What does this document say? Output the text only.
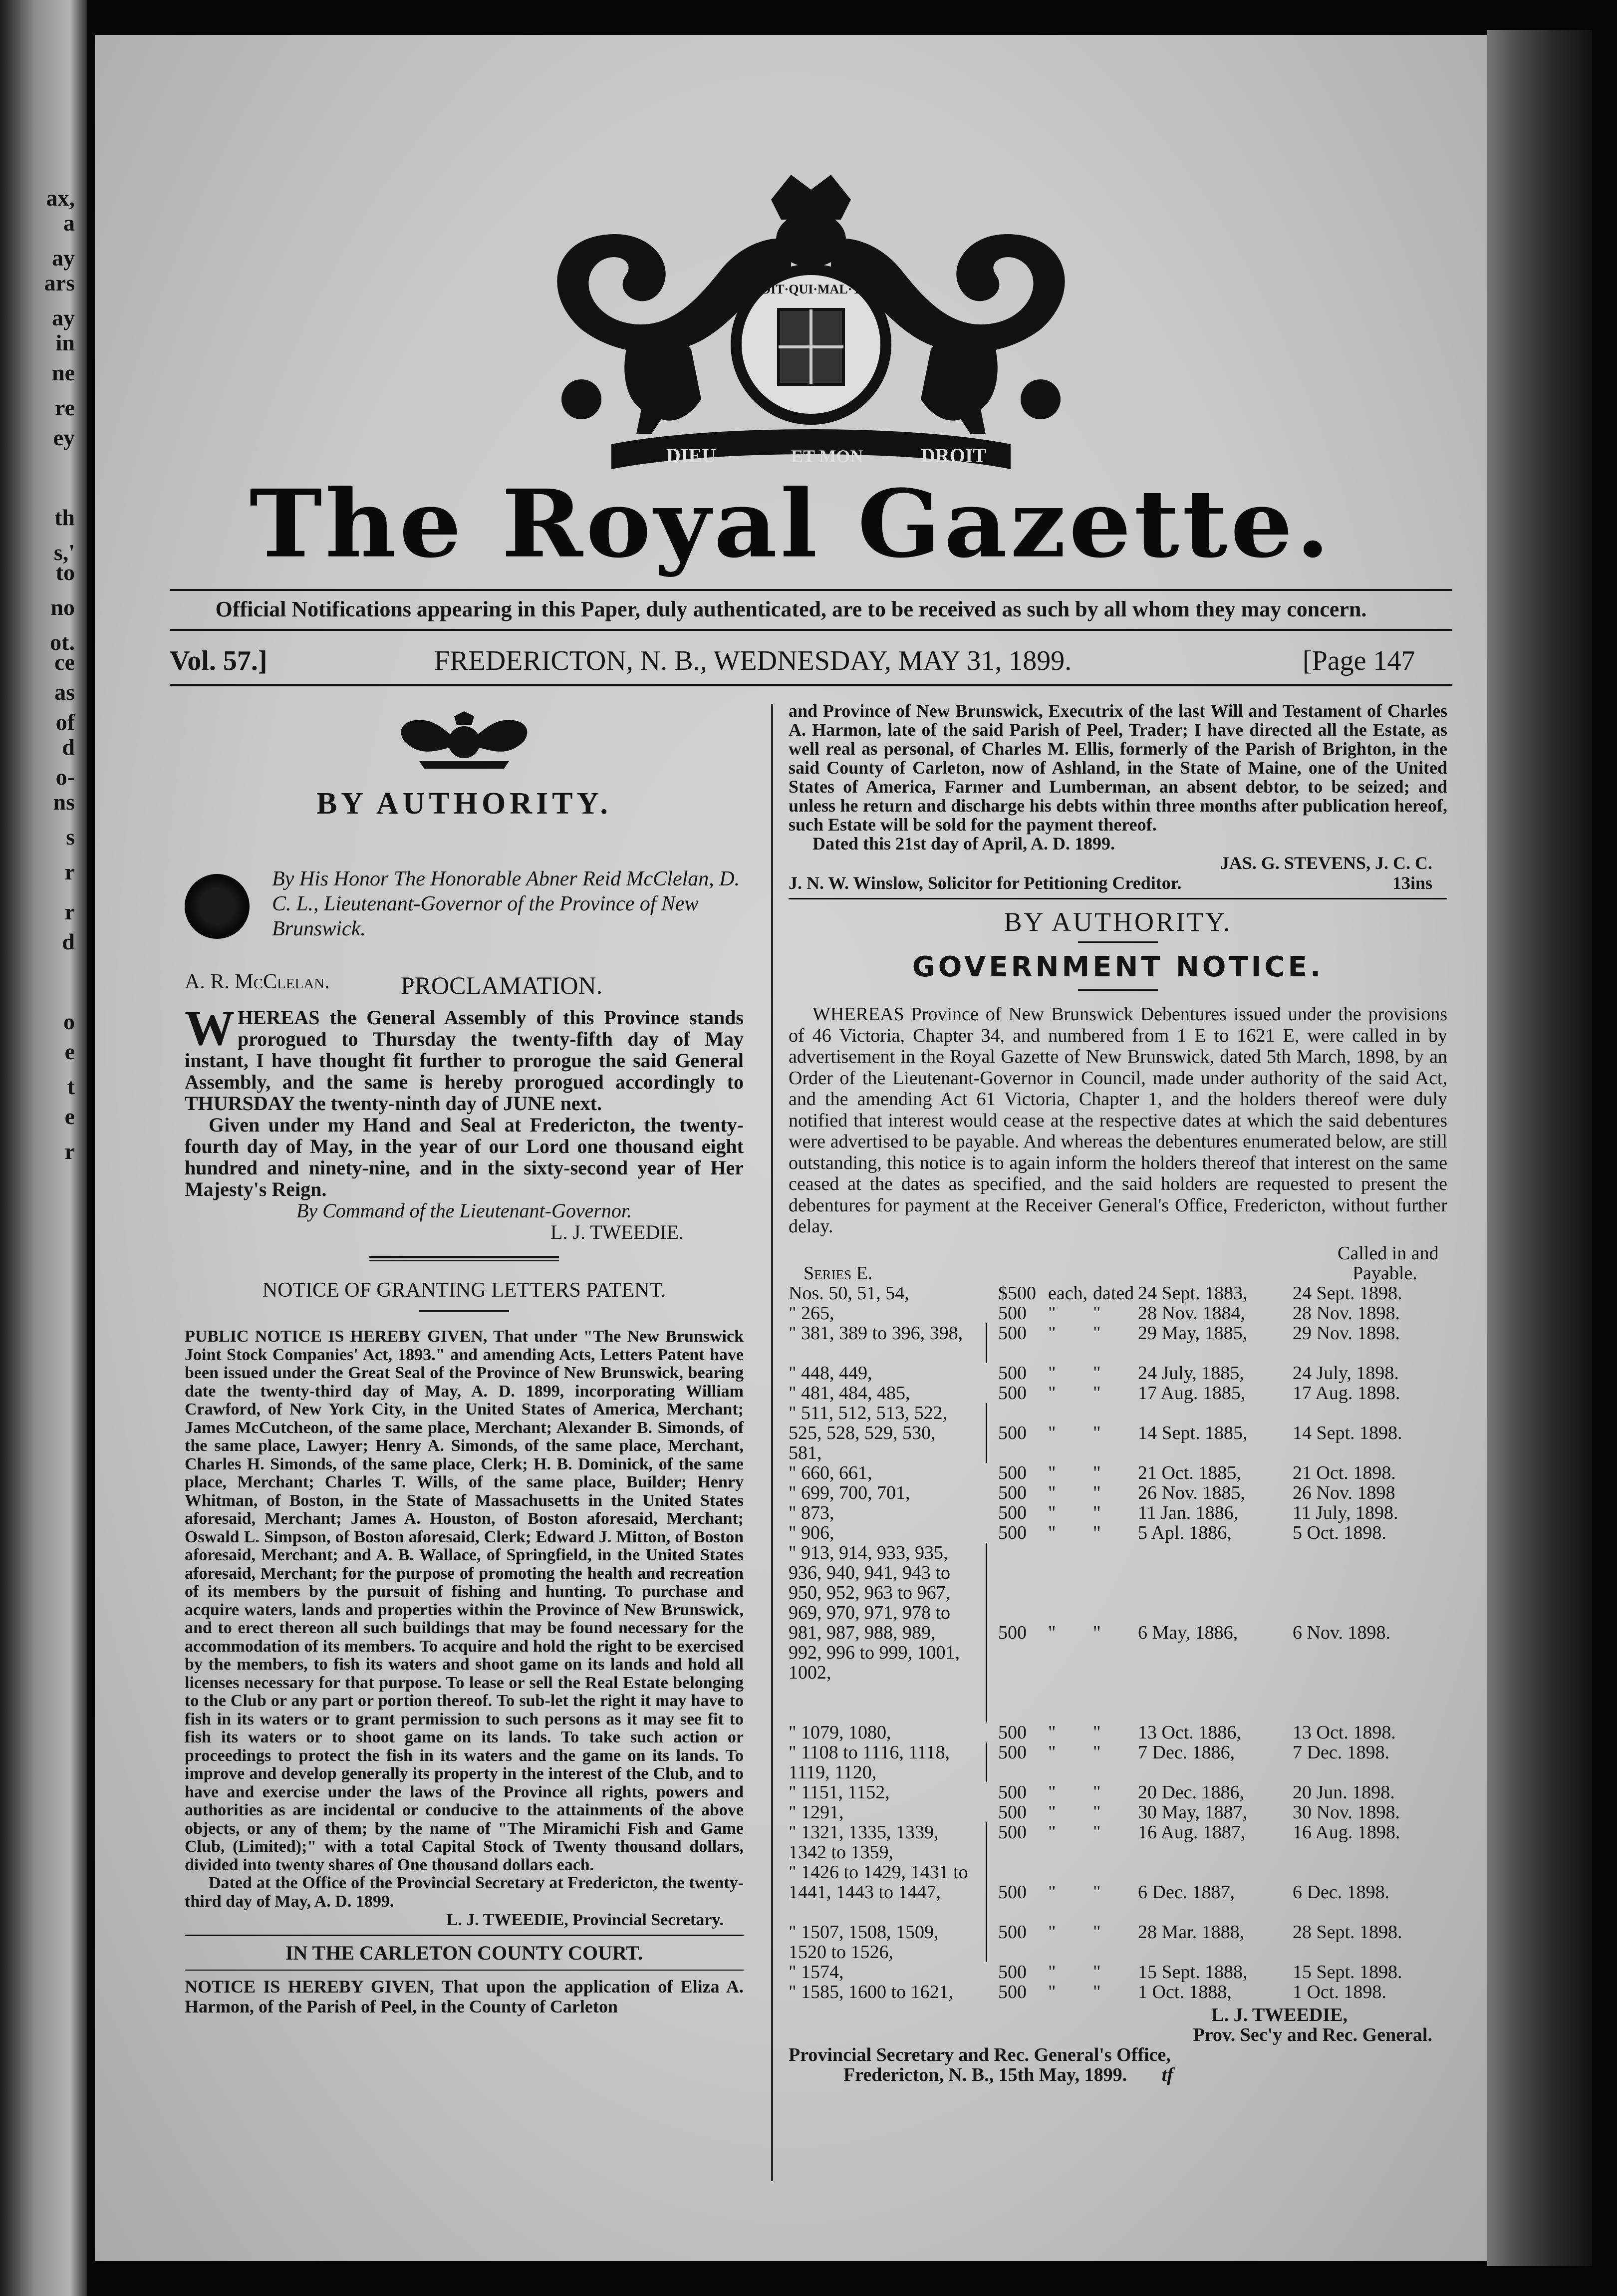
ax,
a
ay
ars
ay
in
ne
re
ey
th
s,'
to
no
ot.
ce
as
of
d
o-
ns
s
r
r
d
o
e
t
e
r
HONI·SOIT·QUI·MAL·Y·PENSE
DIEU	ET MON	DROIT
The Royal Gazette.
Official Notifications appearing in this Paper, duly authenticated, are to be received as such by all whom they may concern.
Vol. 57.]	FREDERICTON, N. B., WEDNESDAY, MAY 31, 1899.	[Page 147
BY AUTHORITY.

By His Honor The Honorable Abner Reid McClelan, D. C. L., Lieutenant-Governor of the Province of New Brunswick.

A. R. McClelan.	PROCLAMATION.

WHEREAS the General Assembly of this Province stands prorogued to Thursday the twenty-fifth day of May instant, I have thought fit further to prorogue the said General Assembly, and the same is hereby prorogued accordingly to THURSDAY the twenty-ninth day of JUNE next.

Given under my Hand and Seal at Fredericton, the twenty-fourth day of May, in the year of our Lord one thousand eight hundred and ninety-nine, and in the sixty-second year of Her Majesty's Reign.

By Command of the Lieutenant-Governor.

L. J. TWEEDIE.

NOTICE OF GRANTING LETTERS PATENT.

PUBLIC NOTICE IS HEREBY GIVEN, That under "The New Brunswick Joint Stock Companies' Act, 1893." and amending Acts, Letters Patent have been issued under the Great Seal of the Province of New Brunswick, bearing date the twenty-third day of May, A. D. 1899, incorporating William Crawford, of New York City, in the United States of America, Merchant; James McCutcheon, of the same place, Merchant; Alexander B. Simonds, of the same place, Lawyer; Henry A. Simonds, of the same place, Merchant, Charles H. Simonds, of the same place, Clerk; H. B. Dominick, of the same place, Merchant; Charles T. Wills, of the same place, Builder; Henry Whitman, of Boston, in the State of Massachusetts in the United States aforesaid, Merchant; James A. Houston, of Boston aforesaid, Merchant; Oswald L. Simpson, of Boston aforesaid, Clerk; Edward J. Mitton, of Boston aforesaid, Merchant; and A. B. Wallace, of Springfield, in the United States aforesaid, Merchant; for the purpose of promoting the health and recreation of its members by the pursuit of fishing and hunting. To purchase and acquire waters, lands and properties within the Province of New Brunswick, and to erect thereon all such buildings that may be found necessary for the accommodation of its members. To acquire and hold the right to be exercised by the members, to fish its waters and shoot game on its lands and hold all licenses necessary for that purpose. To lease or sell the Real Estate belonging to the Club or any part or portion thereof. To sub-let the right it may have to fish in its waters or to grant permission to such persons as it may see fit to fish its waters or to shoot game on its lands. To take such action or proceedings to protect the fish in its waters and the game on its lands. To improve and develop generally its property in the interest of the Club, and to have and exercise under the laws of the Province all rights, powers and authorities as are incidental or conducive to the attainments of the above objects, or any of them; by the name of "The Miramichi Fish and Game Club, (Limited);" with a total Capital Stock of Twenty thousand dollars, divided into twenty shares of One thousand dollars each.

Dated at the Office of the Provincial Secretary at Fredericton, the twenty-third day of May, A. D. 1899.

L. J. TWEEDIE, Provincial Secretary.

IN THE CARLETON COUNTY COURT.

NOTICE IS HEREBY GIVEN, That upon the application of Eliza A. Harmon, of the Parish of Peel, in the County of Carleton

and Province of New Brunswick, Executrix of the last Will and Testament of Charles A. Harmon, late of the said Parish of Peel, Trader; I have directed all the Estate, as well real as personal, of Charles M. Ellis, formerly of the Parish of Brighton, in the said County of Carleton, now of Ashland, in the State of Maine, one of the United States of America, Farmer and Lumberman, an absent debtor, to be seized; and unless he return and discharge his debts within three months after publication hereof, such Estate will be sold for the payment thereof.

Dated this 21st day of April, A. D. 1899.

JAS. G. STEVENS, J. C. C.

J. N. W. Winslow, Solicitor for Petitioning Creditor.	13ins
BY AUTHORITY.
GOVERNMENT NOTICE.

WHEREAS Province of New Brunswick Debentures issued under the provisions of 46 Victoria, Chapter 34, and numbered from 1 E to 1621 E, were called in by advertisement in the Royal Gazette of New Brunswick, dated 5th March, 1898, by an Order of the Lieutenant-Governor in Council, made under authority of the said Act, and the amending Act 61 Victoria, Chapter 1, and the holders thereof were duly notified that interest would cease at the respective dates at which the said debentures were advertised to be payable. And whereas the debentures enumerated below, are still outstanding, this notice is to again inform the holders thereof that interest on the same ceased at the dates as specified, and the said holders are requested to present the debentures for payment at the Receiver General's Office, Fredericton, without further delay.

Called in and
Series E.	Payable.
Nos. 50, 51, 54,	$500 each, dated 24 Sept. 1883, 24 Sept. 1898.
" 265,	500 " " 28 Nov. 1884,	28 Nov. 1898.
" 381, 389 to 396, 398,	500 " " 29 May, 1885, 29 Nov. 1898.
" 448, 449,	500 " " 24 July, 1885,	24 July, 1898.
" 481, 484, 485,	500 " " 17 Aug. 1885, 17 Aug. 1898.
" 511, 512, 513, 522, 525, 528, 529, 530, 581,
500 " " 14 Sept. 1885, 14 Sept. 1898.
" 660, 661,	500 " " 21 Oct. 1885,	21 Oct. 1898.
" 699, 700, 701,	500 " " 26 Nov. 1885,	26 Nov. 1898
" 873,	500 " " 11 Jan. 1886,	11 July, 1898.
" 906,	500 " " 5 Apl. 1886,	5 Oct. 1898.
" 913, 914, 933, 935, 936, 940, 941, 943 to 950, 952, 963 to 967, 969, 970, 971, 978 to 981, 987, 988, 989, 992, 996 to 999, 1001, 1002,
500 " " 6 May, 1886,	6 Nov. 1898.
" 1079, 1080,	500 " " 13 Oct. 1886,	13 Oct. 1898.
" 1108 to 1116, 1118, 1119, 1120,
500 " " 7 Dec. 1886,	7 Dec. 1898.
" 1151, 1152,	500 " " 20 Dec. 1886,	20 Jun. 1898.
" 1291,	500 " " 30 May, 1887, 30 Nov. 1898.
" 1321, 1335, 1339, 1342 to 1359,
500 " " 16 Aug. 1887, 16 Aug. 1898.
" 1426 to 1429, 1431 to 1441, 1443 to 1447,	500 " " 6 Dec. 1887,	6 Dec. 1898.
" 1507, 1508, 1509, 1520 to 1526,
500 " " 28 Mar. 1888,	28 Sept. 1898.
" 1574,	500 " " 15 Sept. 1888, 15 Sept. 1898.
" 1585, 1600 to 1621,	500 " " 1 Oct. 1888,	1 Oct. 1898.

L. J. TWEEDIE,

Prov. Sec'y and Rec. General.

Provincial Secretary and Rec. General's Office,

Fredericton, N. B., 15th May, 1899. tf
